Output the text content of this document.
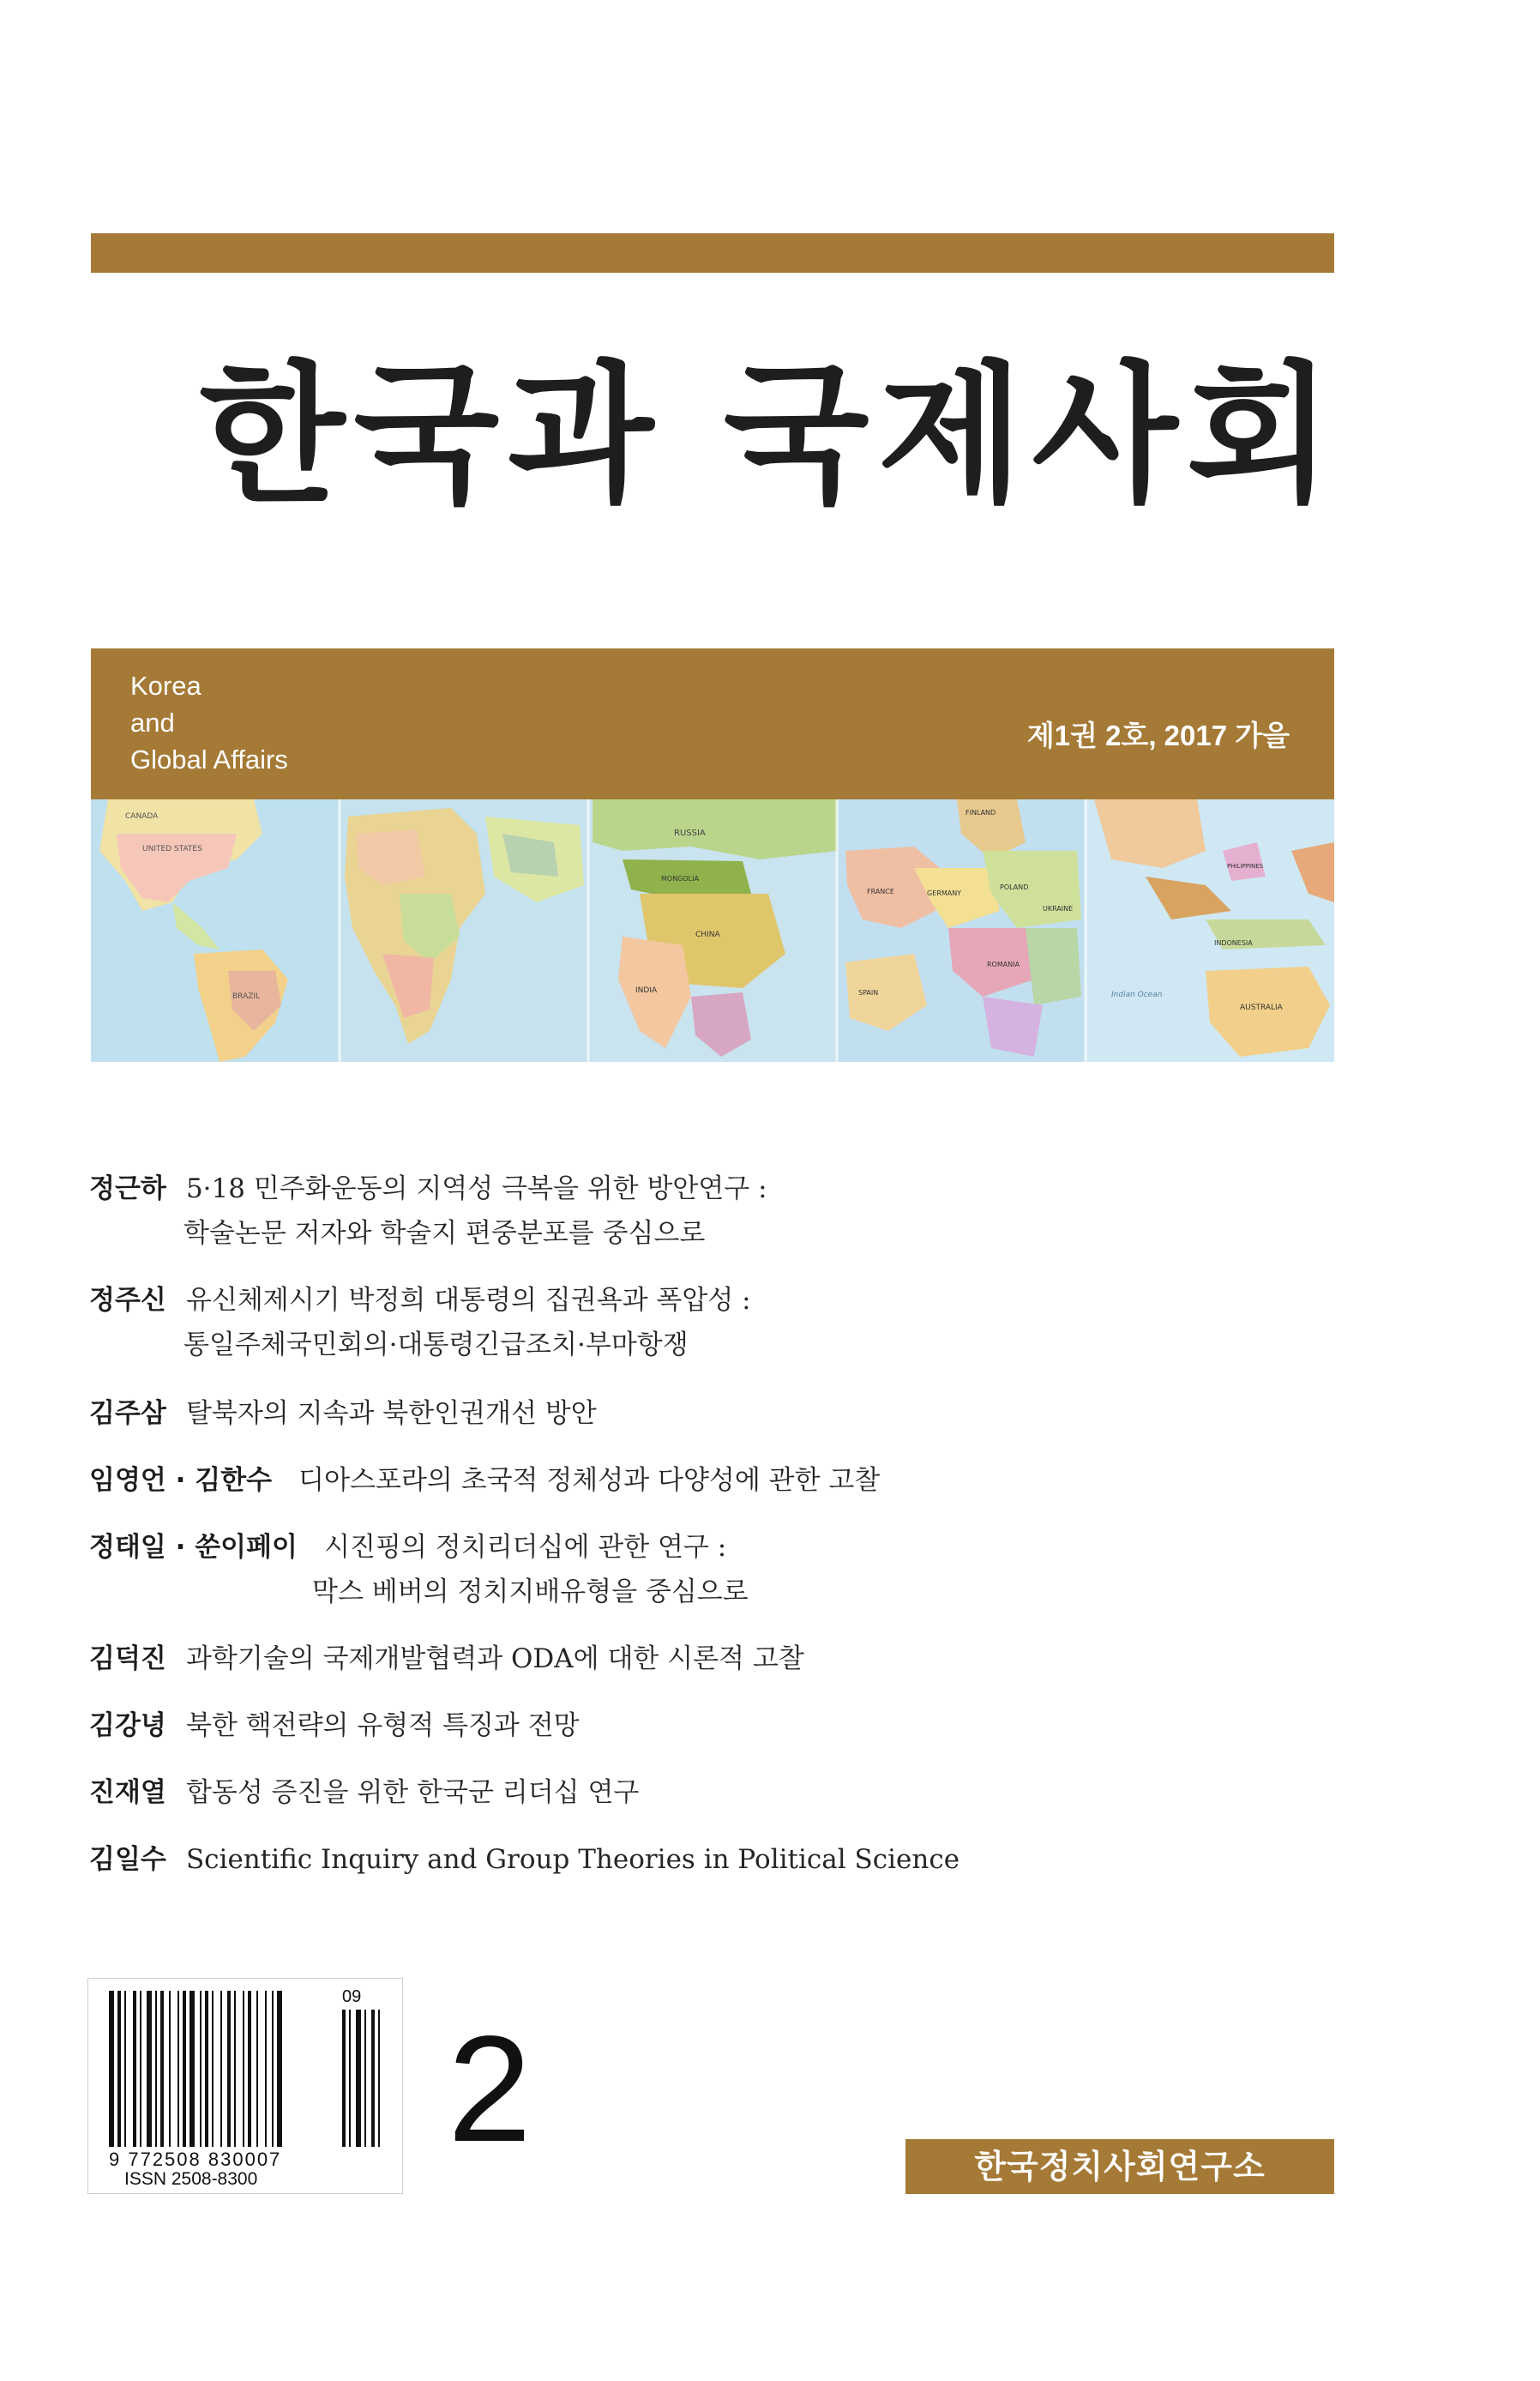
한국과 국제사회
Korea
and
Global Affairs
제1권 2호, 2017 가을
CANADA
UNITED STATES
BRAZIL
RUSSIA
MONGOLIA
CHINA
INDIA
FINLAND
GERMANY
POLAND
FRANCE
SPAIN
UKRAINE
ROMANIA
INDONESIA
PHILIPPINES
Indian Ocean
AUSTRALIA
정근하 5·18 민주화운동의 지역성 극복을 위한 방안연구 :
학술논문 저자와 학술지 편중분포를 중심으로
정주신 유신체제시기 박정희 대통령의 집권욕과 폭압성 :
통일주체국민회의·대통령긴급조치·부마항쟁
김주삼 탈북자의 지속과 북한인권개선 방안
임영언 · 김한수 디아스포라의 초국적 정체성과 다양성에 관한 고찰
정태일 · 쑨이페이 시진핑의 정치리더십에 관한 연구 :
막스 베버의 정치지배유형을 중심으로
김덕진 과학기술의 국제개발협력과 ODA에 대한 시론적 고찰
김강녕 북한 핵전략의 유형적 특징과 전망
진재열 합동성 증진을 위한 한국군 리더십 연구
김일수 Scientific Inquiry and Group Theories in Political Science
09
9 772508 830007
ISSN 2508-8300
2	한국정치사회연구소
